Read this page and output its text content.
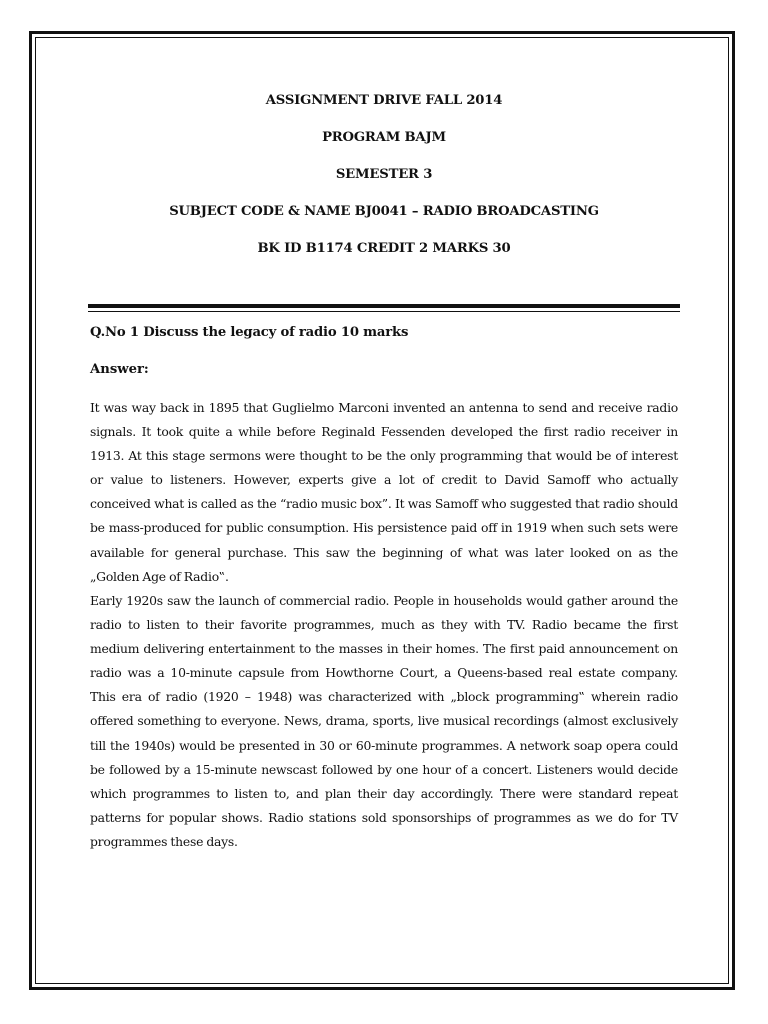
ASSIGNMENT DRIVE FALL 2014
PROGRAM BAJM
SEMESTER 3
SUBJECT CODE & NAME BJ0041 – RADIO BROADCASTING
BK ID B1174 CREDIT 2 MARKS 30
Q.No 1 Discuss the legacy of radio 10 marks
Answer:
It was way back in 1895 that Guglielmo Marconi invented an antenna to send and receive radio
signals. It took quite a while before Reginald Fessenden developed the first radio receiver in
1913. At this stage sermons were thought to be the only programming that would be of interest
or value to listeners. However, experts give a lot of credit to David Samoff who actually
conceived what is called as the “radio music box”. It was Samoff who suggested that radio should
be mass-produced for public consumption. His persistence paid off in 1919 when such sets were
available for general purchase. This saw the beginning of what was later looked on as the
„Golden Age of Radio‟.
Early 1920s saw the launch of commercial radio. People in households would gather around the
radio to listen to their favorite programmes, much as they with TV. Radio became the first
medium delivering entertainment to the masses in their homes. The first paid announcement on
radio was a 10-minute capsule from Howthorne Court, a Queens-based real estate company.
This era of radio (1920 – 1948) was characterized with „block programming‟ wherein radio
offered something to everyone. News, drama, sports, live musical recordings (almost exclusively
till the 1940s) would be presented in 30 or 60-minute programmes. A network soap opera could
be followed by a 15-minute newscast followed by one hour of a concert. Listeners would decide
which programmes to listen to, and plan their day accordingly. There were standard repeat
patterns for popular shows. Radio stations sold sponsorships of programmes as we do for TV
programmes these days.
